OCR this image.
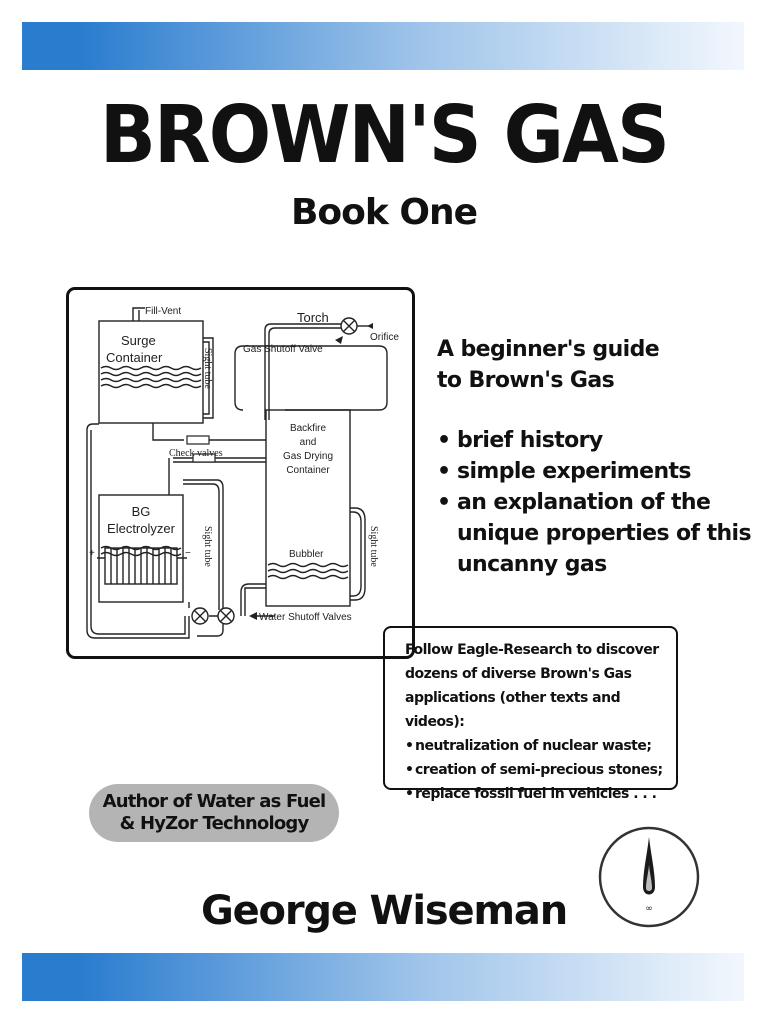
BROWN'S GAS
Book One
Fill-Vent
Surge
Container	Sight tube
Torch
Orifice
Gas Shutoff Valve
Backfire
and
Gas Drying
Container
Check valves
BG
Electrolyzer
+	− Sight tube	Sight tube
Bubbler
Water Shutoff Valves
A beginner's guide
to Brown's Gas
• brief history
• simple experiments
• an explanation of the unique properties of this uncanny gas
Follow Eagle-Research to discover
dozens of diverse Brown's Gas
applications (other texts and videos):
• neutralization of nuclear waste;
• creation of semi-precious stones;
• replace fossil fuel in vehicles . . .
Author of Water as Fuel
& HyZor Technology
∞
George Wiseman
